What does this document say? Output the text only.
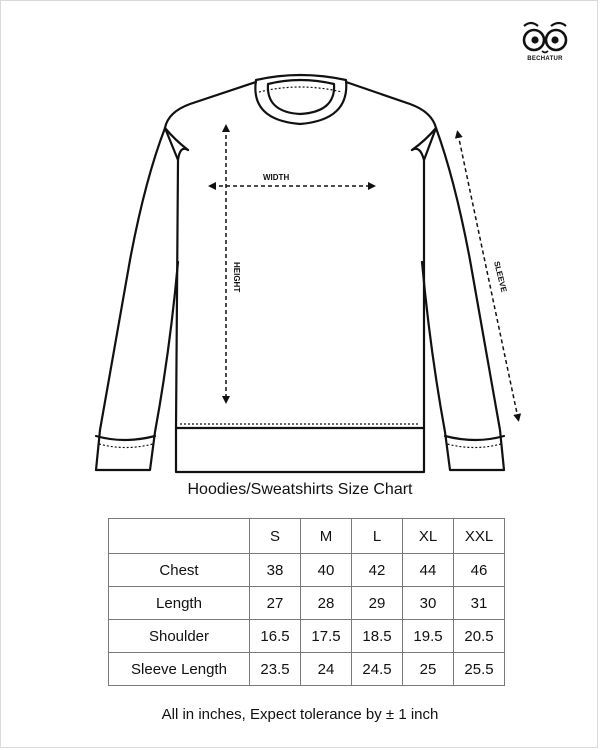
BECHATUR
WIDTH
HEIGHT	SLEEVE
Hoodies/Sweatshirts Size Chart
	S	M	L	XL	XXL
Chest	38	40	42	44	46
Length	27	28	29	30	31
Shoulder	16.5	17.5	18.5	19.5	20.5
Sleeve Length	23.5	24	24.5	25	25.5
All in inches, Expect tolerance by ± 1 inch
